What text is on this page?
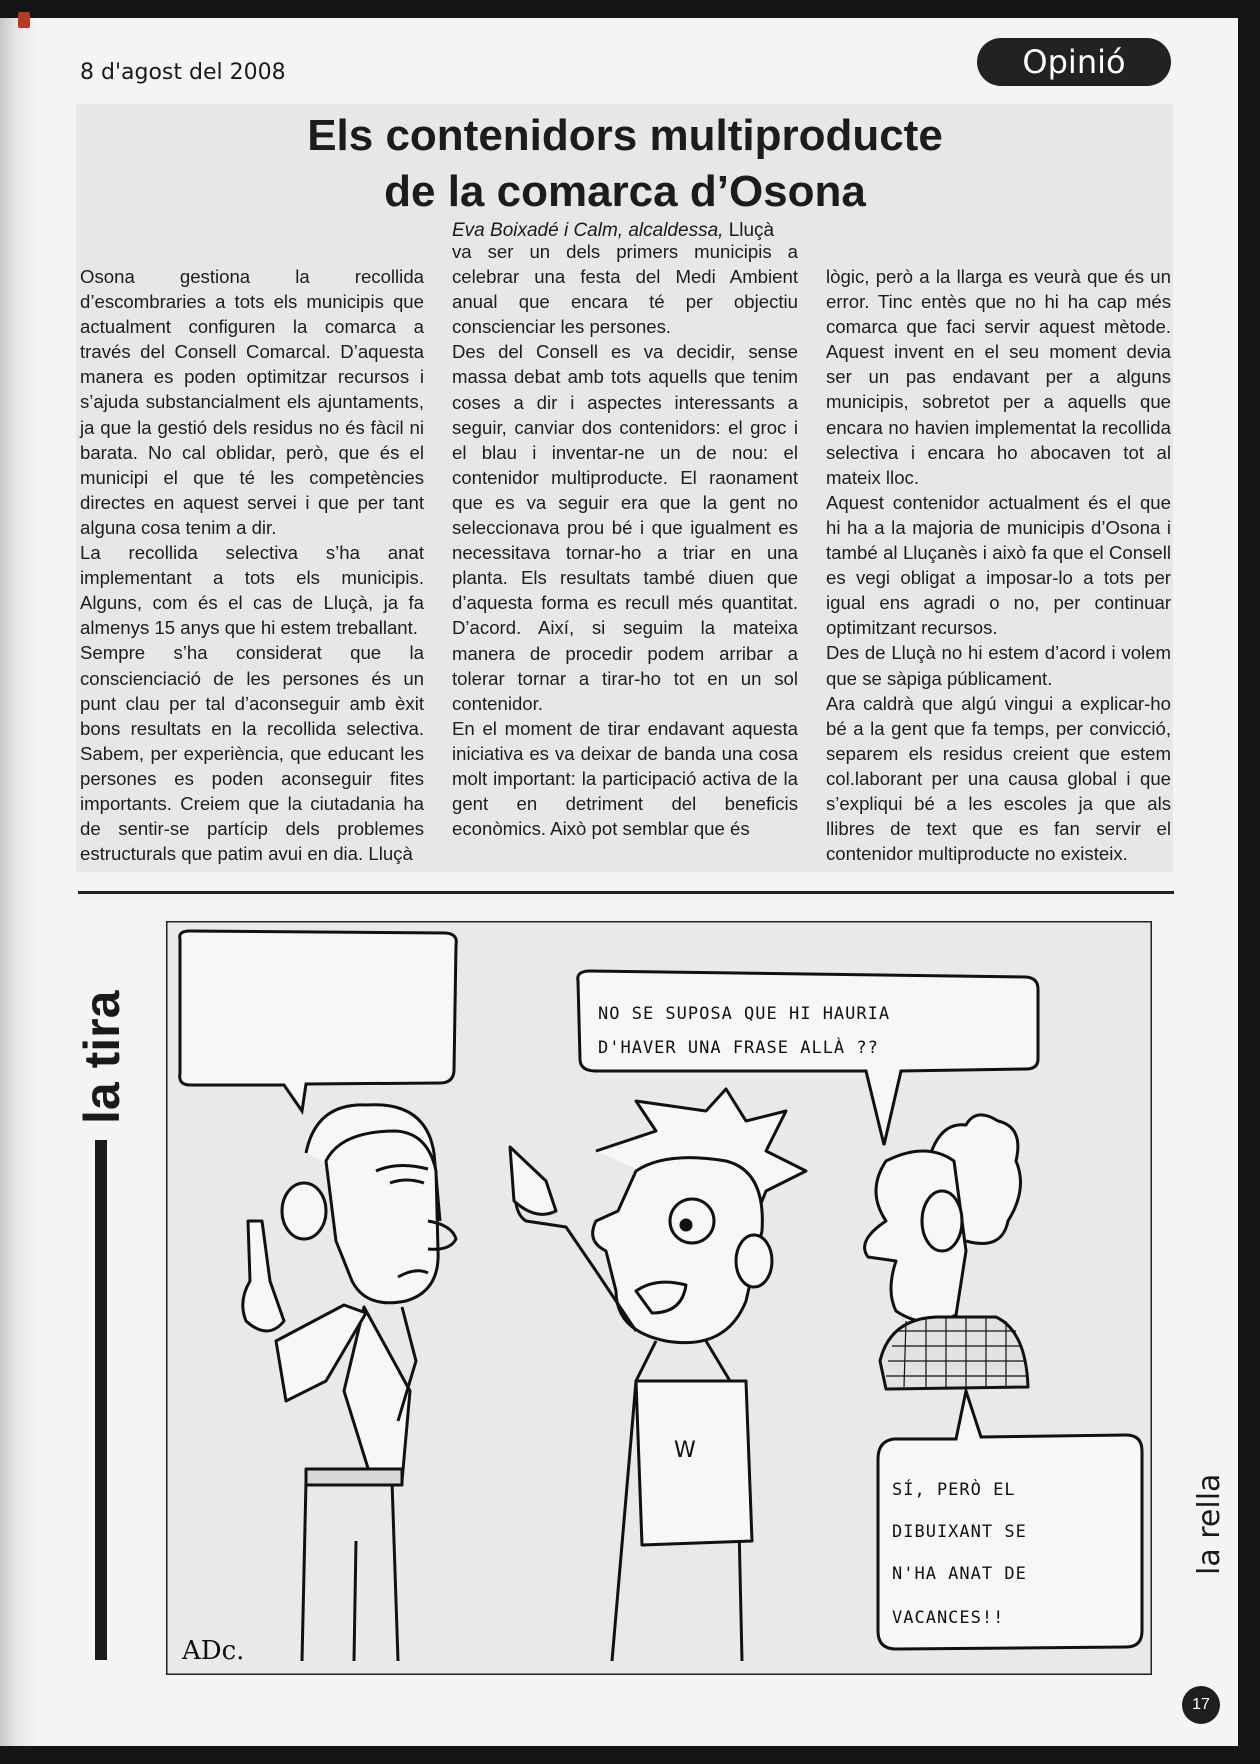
8 d'agost del 2008	Opinió
Els contenidors multiproducte
de la comarca d’Osona
Eva Boixadé i Calm, alcaldessa, Lluçà

Osona gestiona la recollida d’escombraries a tots els municipis que actualment configuren la comarca a través del Consell Comarcal. D’aquesta manera es poden optimitzar recursos i s’ajuda substancialment els ajuntaments, ja que la gestió dels residus no és fàcil ni barata. No cal oblidar, però, que és el municipi el que té les competències directes en aquest servei i que per tant alguna cosa tenim a dir.

La recollida selectiva s’ha anat implementant a tots els municipis. Alguns, com és el cas de Lluçà, ja fa almenys 15 anys que hi estem treballant.

Sempre s’ha considerat que la conscienciació de les persones és un punt clau per tal d’aconseguir amb èxit bons resultats en la recollida selectiva. Sabem, per experiència, que educant les persones es poden aconseguir fites importants. Creiem que la ciutadania ha de sentir-se partícip dels problemes estructurals que patim avui en dia. Lluçà

va ser un dels primers municipis a celebrar una festa del Medi Ambient anual que encara té per objectiu conscienciar les persones.

Des del Consell es va decidir, sense massa debat amb tots aquells que tenim coses a dir i aspectes interessants a seguir, canviar dos contenidors: el groc i el blau i inventar-ne un de nou: el contenidor multiproducte. El raonament que es va seguir era que la gent no seleccionava prou bé i que igualment es necessitava tornar-ho a triar en una planta. Els resultats també diuen que d’aquesta forma es recull més quantitat. D’acord. Així, si seguim la mateixa manera de procedir podem arribar a tolerar tornar a tirar-ho tot en un sol contenidor.

En el moment de tirar endavant aquesta iniciativa es va deixar de banda una cosa molt important: la participació activa de la gent en detriment del beneficis econòmics. Això pot semblar que és

lògic, però a la llarga es veurà que és un error. Tinc entès que no hi ha cap més comarca que faci servir aquest mètode. Aquest invent en el seu moment devia ser un pas endavant per a alguns municipis, sobretot per a aquells que encara no havien implementat la recollida selectiva i encara ho abocaven tot al mateix lloc.

Aquest contenidor actualment és el que hi ha a la majoria de municipis d’Osona i també al Lluçanès i això fa que el Consell es vegi obligat a imposar-lo a tots per igual ens agradi o no, per continuar optimitzant recursos.

Des de Lluçà no hi estem d’acord i volem que se sàpiga públicament.

Ara caldrà que algú vingui a explicar-ho bé a la gent que fa temps, per convicció, separem els residus creient que estem col.laborant per una causa global i que s’expliqui bé a les escoles ja que als llibres de text que es fan servir el contenidor multiproducte no existeix.

la tira	NO SE SUPOSA QUE HI HAURIA
D'HAVER UNA FRASE ALLÀ ??
SÍ, PERÒ EL
DIBUIXANT SE
N'HA ANAT DE
VACANCES!!
W
ADc.
la rella
17
